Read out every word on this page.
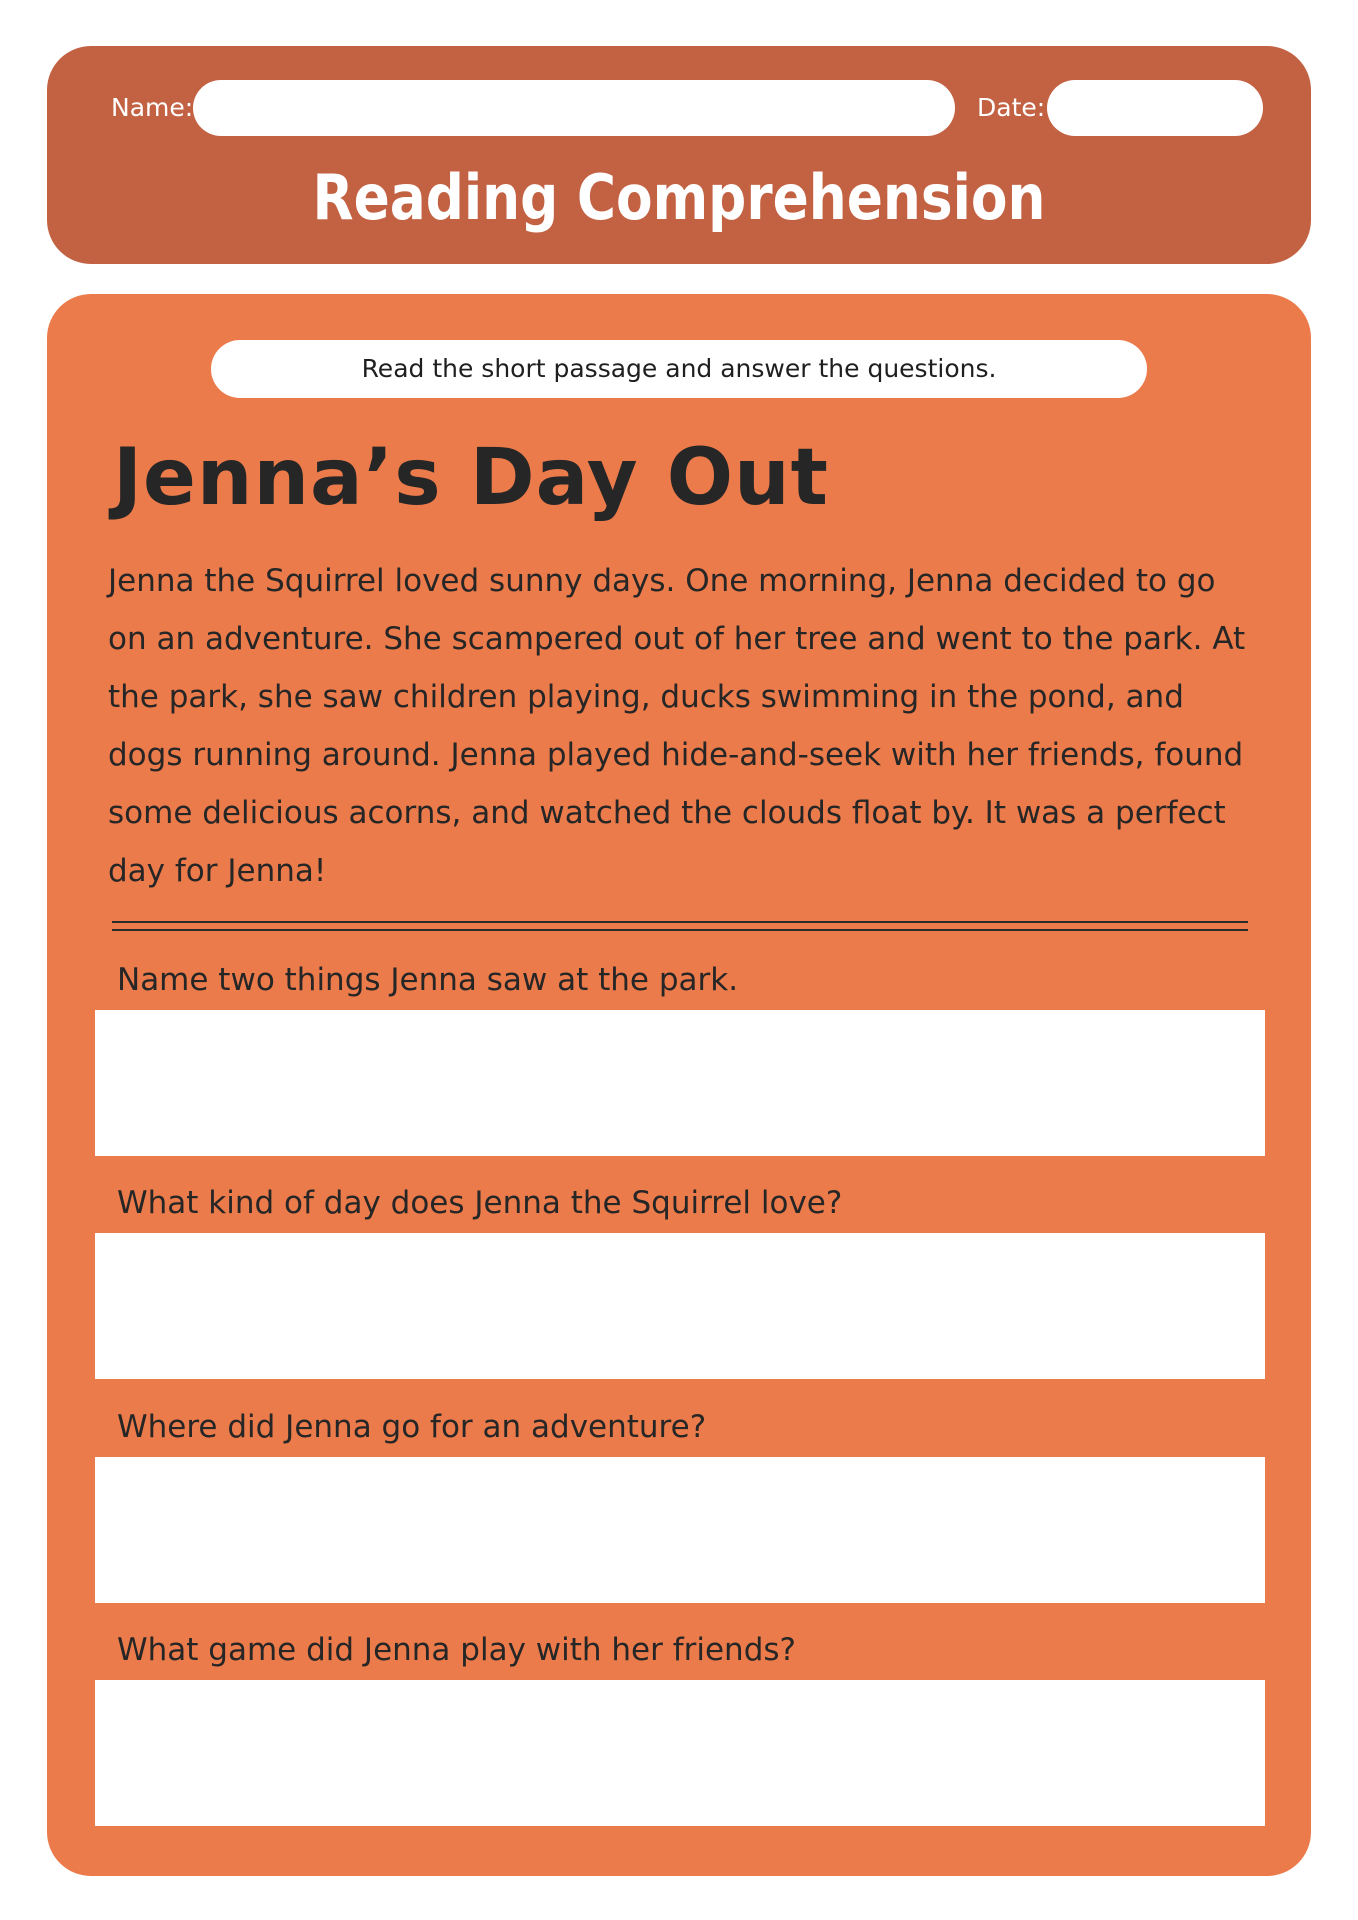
Name:	Date:
Reading Comprehension
Read the short passage and answer the questions.
Jenna’s Day Out
Jenna the Squirrel loved sunny days. One morning, Jenna decided to go on an adventure. She scampered out of her tree and went to the park. At the park, she saw children playing, ducks swimming in the pond, and dogs running around. Jenna played hide-and-seek with her friends, found some delicious acorns, and watched the clouds float by. It was a perfect day for Jenna!
Name two things Jenna saw at the park.
What kind of day does Jenna the Squirrel love?
Where did Jenna go for an adventure?
What game did Jenna play with her friends?
